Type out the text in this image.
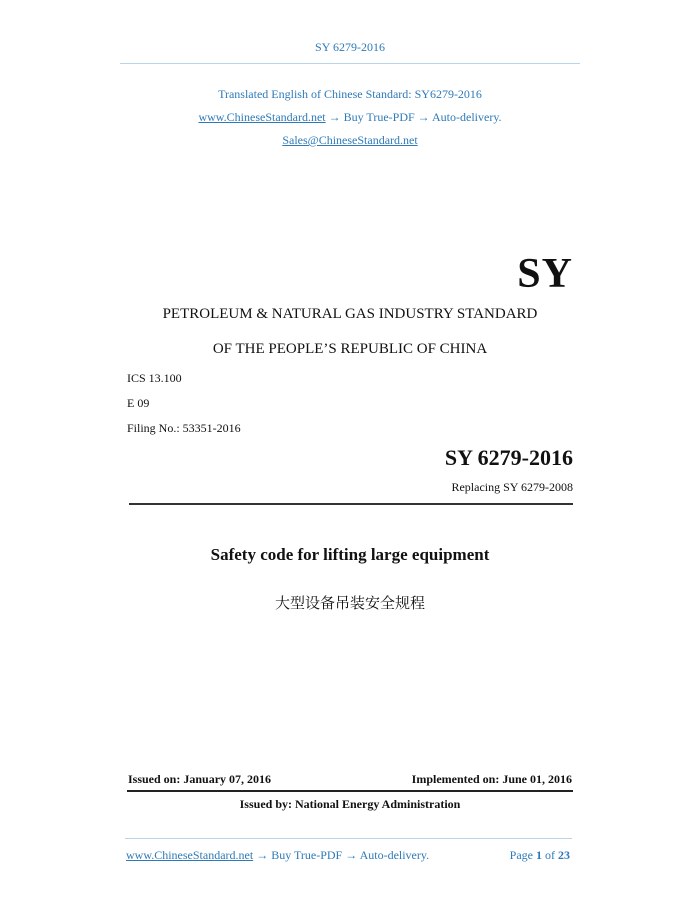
SY 6279-2016
Translated English of Chinese Standard: SY6279-2016
www.ChineseStandard.net → Buy True-PDF → Auto-delivery.
Sales@ChineseStandard.net
SY
PETROLEUM & NATURAL GAS INDUSTRY STANDARD
OF THE PEOPLE’S REPUBLIC OF CHINA
ICS 13.100
E 09
Filing No.: 53351-2016
SY 6279-2016
Replacing SY 6279-2008
Safety code for lifting large equipment
大型设备吊装安全规程
Issued on: January 07, 2016	Implemented on: June 01, 2016
Issued by: National Energy Administration
www.ChineseStandard.net → Buy True-PDF → Auto-delivery.	Page 1 of 23
